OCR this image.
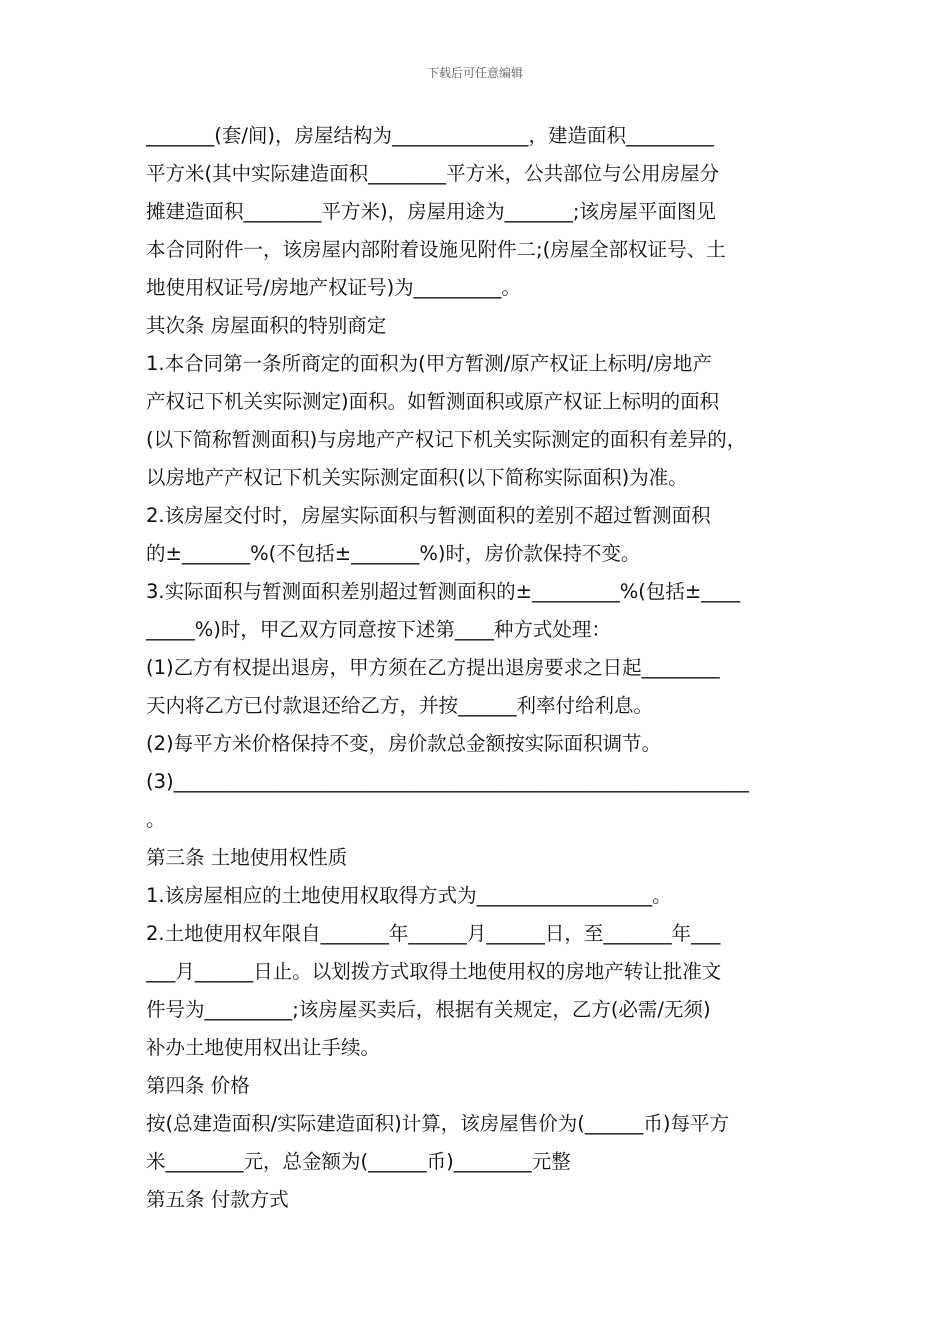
下载后可任意编辑
_______(套/间)，房屋结构为______________，建造面积_________
平方米(其中实际建造面积________平方米，公共部位与公用房屋分
摊建造面积________平方米)，房屋用途为_______;该房屋平面图见
本合同附件一，该房屋内部附着设施见附件二;(房屋全部权证号、土
地使用权证号/房地产权证号)为_________。
其次条 房屋面积的特别商定
1.本合同第一条所商定的面积为(甲方暂测/原产权证上标明/房地产
产权记下机关实际测定)面积。如暂测面积或原产权证上标明的面积
(以下简称暂测面积)与房地产产权记下机关实际测定的面积有差异的，
以房地产产权记下机关实际测定面积(以下简称实际面积)为准。
2.该房屋交付时，房屋实际面积与暂测面积的差别不超过暂测面积
的±_______%(不包括±_______%)时，房价款保持不变。
3.实际面积与暂测面积差别超过暂测面积的±_________%(包括±____
_____%)时，甲乙双方同意按下述第____种方式处理：
(1)乙方有权提出退房，甲方须在乙方提出退房要求之日起________
天内将乙方已付款退还给乙方，并按______利率付给利息。
(2)每平方米价格保持不变，房价款总金额按实际面积调节。
(3)___________________________________________________________
。
第三条 土地使用权性质
1.该房屋相应的土地使用权取得方式为__________________。
2.土地使用权年限自_______年______月______日，至_______年___
___月______日止。以划拨方式取得土地使用权的房地产转让批准文
件号为_________;该房屋买卖后，根据有关规定，乙方(必需/无须)
补办土地使用权出让手续。
第四条 价格
按(总建造面积/实际建造面积)计算，该房屋售价为(______币)每平方
米________元，总金额为(______币)________元整
第五条 付款方式
